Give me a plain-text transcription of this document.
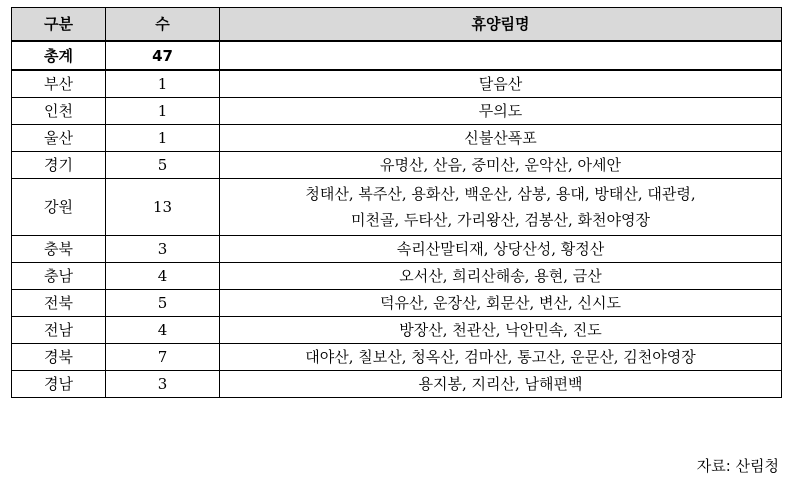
구분	수	휴양림명
총계	47	
부산	1	달음산
인천	1	무의도
울산	1	신불산폭포
경기	5	유명산, 산음, 중미산, 운악산, 아세안
강원	13	청태산, 복주산, 용화산, 백운산, 삼봉, 용대, 방태산, 대관령,
미천골, 두타산, 가리왕산, 검봉산, 화천야영장

충북	3	속리산말티재, 상당산성, 황정산
충남	4	오서산, 희리산해송, 용현, 금산
전북	5	덕유산, 운장산, 회문산, 변산, 신시도
전남	4	방장산, 천관산, 낙안민속, 진도
경북	7	대야산, 칠보산, 청옥산, 검마산, 통고산, 운문산, 김천야영장
경남	3	용지봉, 지리산, 남해편백
자료: 산림청
